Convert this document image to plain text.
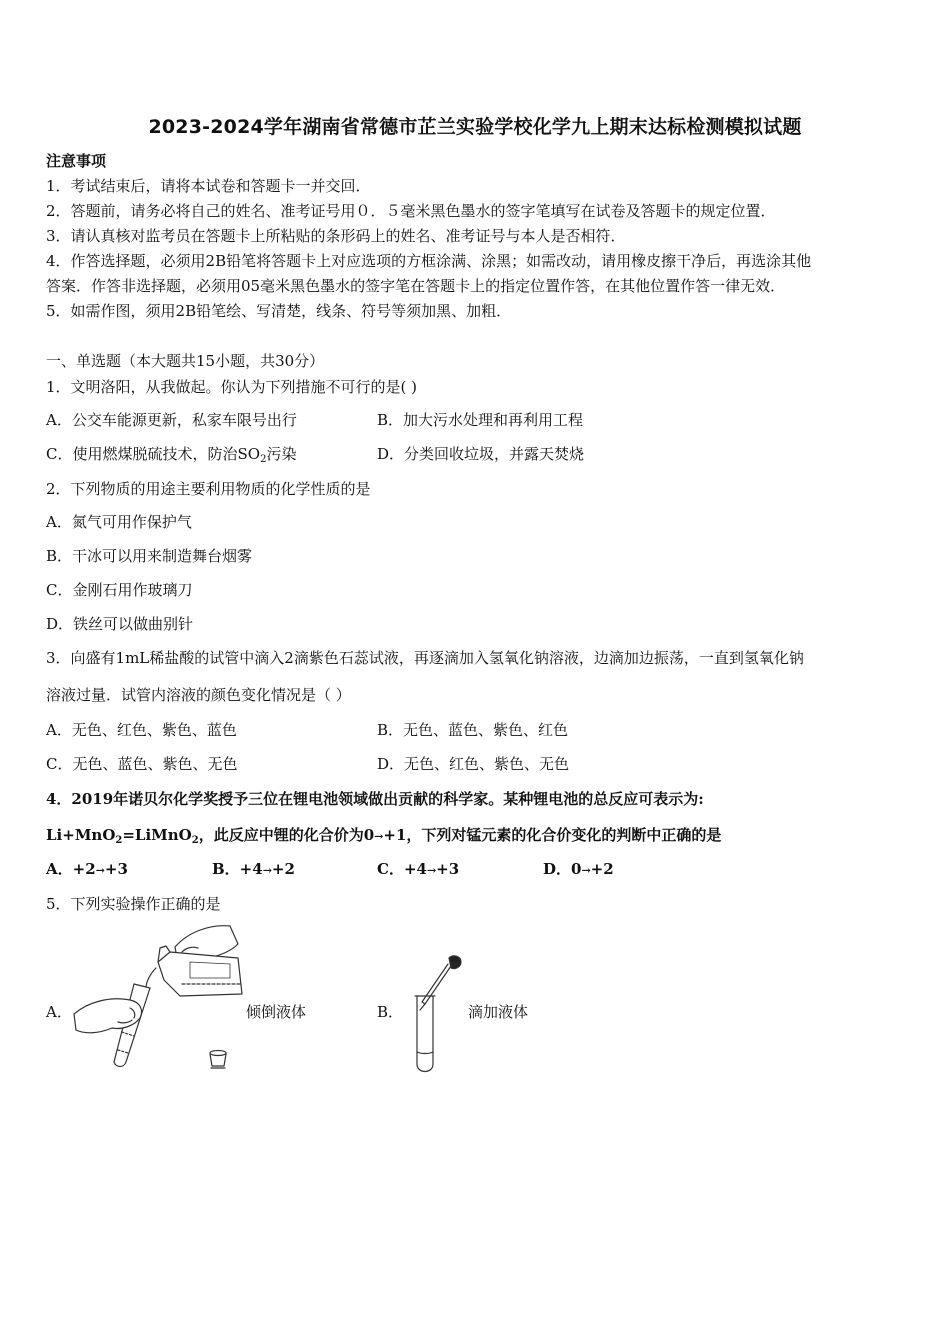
2023-2024学年湖南省常德市芷兰实验学校化学九上期末达标检测模拟试题
注意事项
1．考试结束后，请将本试卷和答题卡一并交回．
2．答题前，请务必将自己的姓名、准考证号用０．５毫米黑色墨水的签字笔填写在试卷及答题卡的规定位置．
3．请认真核对监考员在答题卡上所粘贴的条形码上的姓名、准考证号与本人是否相符．
4．作答选择题，必须用2B铅笔将答题卡上对应选项的方框涂满、涂黑；如需改动，请用橡皮擦干净后，再选涂其他
答案．作答非选择题，必须用05毫米黑色墨水的签字笔在答题卡上的指定位置作答，在其他位置作答一律无效．
5．如需作图，须用2B铅笔绘、写清楚，线条、符号等须加黑、加粗．
一、单选题（本大题共15小题，共30分）
1．文明洛阳，从我做起。你认为下列措施不可行的是( )
A．公交车能源更新，私家车限号出行	B．加大污水处理和再利用工程
C．使用燃煤脱硫技术，防治$SO_2$污染	D．分类回收垃圾，并露天焚烧
2．下列物质的用途主要利用物质的化学性质的是
A．氮气可用作保护气
B．干冰可以用来制造舞台烟雾
C．金刚石用作玻璃刀
D．铁丝可以做曲别针
3．向盛有1mL稀盐酸的试管中滴入2滴紫色石蕊试液，再逐滴加入氢氧化钠溶液，边滴加边振荡，一直到氢氧化钠
溶液过量．试管内溶液的颜色变化情况是（ ）
A．无色、红色、紫色、蓝色	B．无色、蓝色、紫色、红色
C．无色、蓝色、紫色、无色	D．无色、红色、紫色、无色
4．2019年诺贝尔化学奖授予三位在锂电池领域做出贡献的科学家。某种锂电池的总反应可表示为:
Li+MnO$_2$=LiMnO$_2$，此反应中锂的化合价为0→+1，下列对锰元素的化合价变化的判断中正确的是
A．+2→+3	B．+4→+2	C．+4→+3	D．0→+2
5．下列实验操作正确的是
A．	倾倒液体	B．	滴加液体
